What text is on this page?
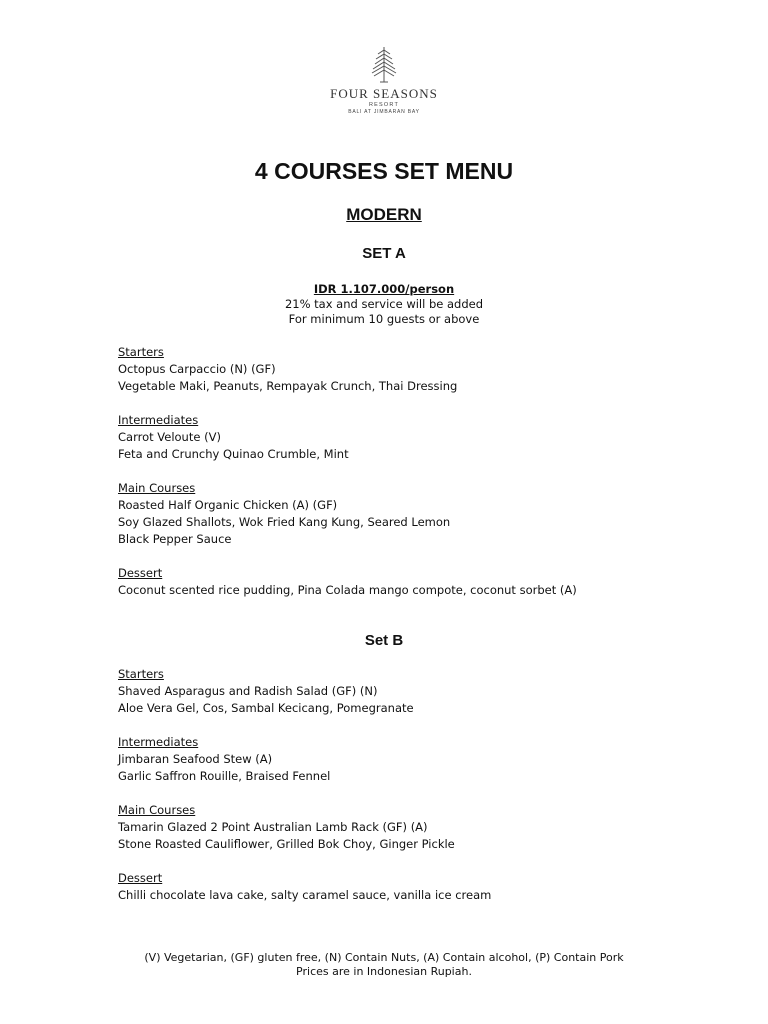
FOUR SEASONS
RESORT
BALI AT JIMBARAN BAY
4 COURSES SET MENU
MODERN
SET A
IDR 1.107.000/person
21% tax and service will be added
For minimum 10 guests or above
Starters
Octopus Carpaccio (N) (GF)
Vegetable Maki, Peanuts, Rempayak Crunch, Thai Dressing
Intermediates
Carrot Veloute (V)
Feta and Crunchy Quinao Crumble, Mint
Main Courses
Roasted Half Organic Chicken (A) (GF)
Soy Glazed Shallots, Wok Fried Kang Kung, Seared Lemon
Black Pepper Sauce
Dessert
Coconut scented rice pudding, Pina Colada mango compote, coconut sorbet (A)
Set B
Starters
Shaved Asparagus and Radish Salad (GF) (N)
Aloe Vera Gel, Cos, Sambal Kecicang, Pomegranate
Intermediates
Jimbaran Seafood Stew (A)
Garlic Saffron Rouille, Braised Fennel
Main Courses
Tamarin Glazed 2 Point Australian Lamb Rack (GF) (A)
Stone Roasted Cauliflower, Grilled Bok Choy, Ginger Pickle
Dessert
Chilli chocolate lava cake, salty caramel sauce, vanilla ice cream
(V) Vegetarian, (GF) gluten free, (N) Contain Nuts, (A) Contain alcohol, (P) Contain Pork
Prices are in Indonesian Rupiah.
